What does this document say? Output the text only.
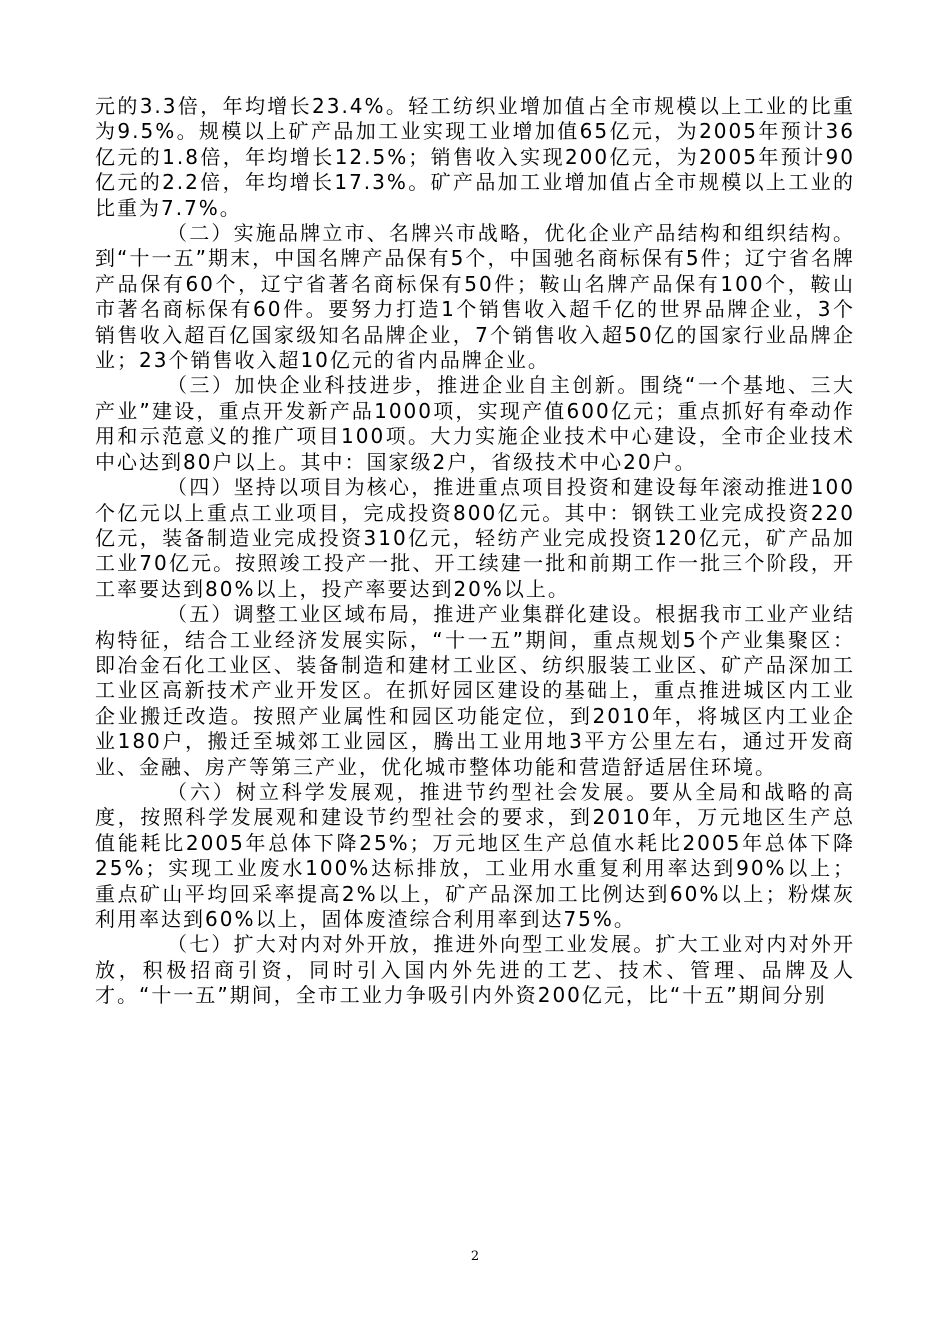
元的3.3倍，年均增长23.4%。轻工纺织业增加值占全市规模以上工业的比重为9.5%。规模以上矿产品加工业实现工业增加值65亿元，为2005年预计36亿元的1.8倍，年均增长12.5%；销售收入实现200亿元，为2005年预计90亿元的2.2倍，年均增长17.3%。矿产品加工业增加值占全市规模以上工业的比重为7.7%。

（二）实施品牌立市、名牌兴市战略，优化企业产品结构和组织结构。到“十一五”期末，中国名牌产品保有5个，中国驰名商标保有5件；辽宁省名牌产品保有60个，辽宁省著名商标保有50件；鞍山名牌产品保有100个，鞍山市著名商标保有60件。要努力打造1个销售收入超千亿的世界品牌企业，3个销售收入超百亿国家级知名品牌企业，7个销售收入超50亿的国家行业品牌企业；23个销售收入超10亿元的省内品牌企业。

（三）加快企业科技进步，推进企业自主创新。围绕“一个基地、三大产业”建设，重点开发新产品1000项，实现产值600亿元；重点抓好有牵动作用和示范意义的推广项目100项。大力实施企业技术中心建设，全市企业技术中心达到80户以上。其中：国家级2户，省级技术中心20户。

（四）坚持以项目为核心，推进重点项目投资和建设每年滚动推进100个亿元以上重点工业项目，完成投资800亿元。其中：钢铁工业完成投资220亿元，装备制造业完成投资310亿元，轻纺产业完成投资120亿元，矿产品加工业70亿元。按照竣工投产一批、开工续建一批和前期工作一批三个阶段，开工率要达到80%以上，投产率要达到20%以上。

（五）调整工业区域布局，推进产业集群化建设。根据我市工业产业结构特征，结合工业经济发展实际，“十一五”期间，重点规划5个产业集聚区：即冶金石化工业区、装备制造和建材工业区、纺织服装工业区、矿产品深加工工业区高新技术产业开发区。在抓好园区建设的基础上，重点推进城区内工业企业搬迁改造。按照产业属性和园区功能定位，到2010年，将城区内工业企业180户，搬迁至城郊工业园区，腾出工业用地3平方公里左右，通过开发商业、金融、房产等第三产业，优化城市整体功能和营造舒适居住环境。

（六）树立科学发展观，推进节约型社会发展。要从全局和战略的高度，按照科学发展观和建设节约型社会的要求，到2010年，万元地区生产总值能耗比2005年总体下降25%；万元地区生产总值水耗比2005年总体下降25%；实现工业废水100%达标排放，工业用水重复利用率达到90%以上；重点矿山平均回采率提高2%以上，矿产品深加工比例达到60%以上；粉煤灰利用率达到60%以上，固体废渣综合利用率到达75%。

（七）扩大对内对外开放，推进外向型工业发展。扩大工业对内对外开放，积极招商引资，同时引入国内外先进的工艺、技术、管理、品牌及人才。“十一五”期间，全市工业力争吸引内外资200亿元，比“十五”期间分别

2
